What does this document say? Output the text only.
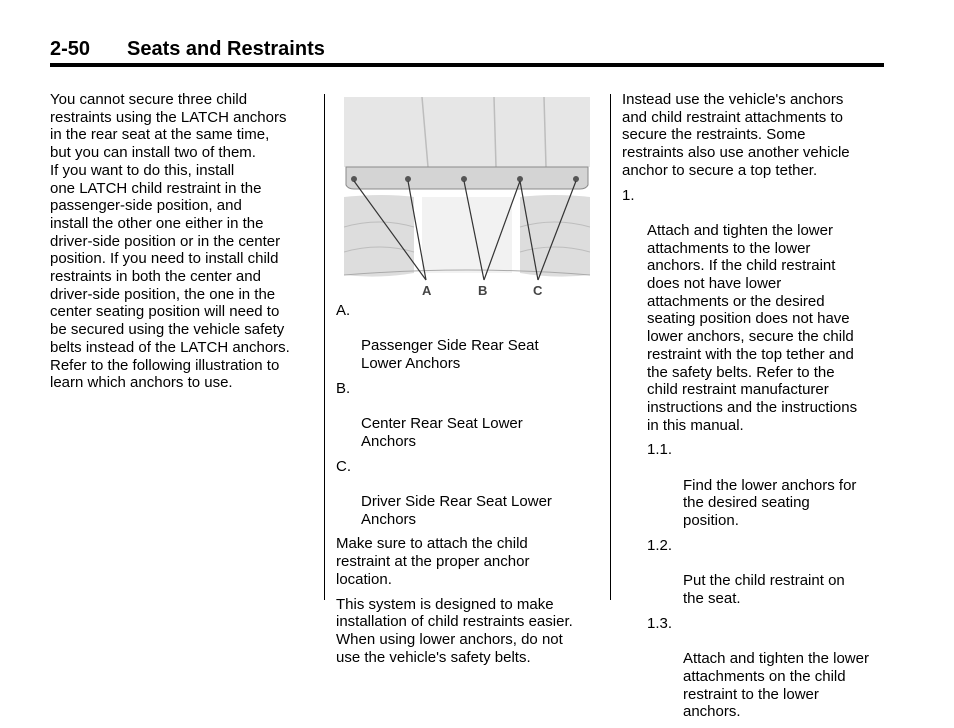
2-50 Seats and Restraints

You cannot secure three child
restraints using the LATCH anchors
in the rear seat at the same time,
but you can install two of them.
If you want to do this, install
one LATCH child restraint in the
passenger-side position, and
install the other one either in the
driver-side position or in the center
position. If you need to install child
restraints in both the center and
driver-side position, the one in the
center seating position will need to
be secured using the vehicle safety
belts instead of the LATCH anchors.
Refer to the following illustration to
learn which anchors to use.

A	B	C

A.

Passenger Side Rear Seat
Lower Anchors

B.

Center Rear Seat Lower
Anchors

C.

Driver Side Rear Seat Lower
Anchors

Make sure to attach the child
restraint at the proper anchor
location.

This system is designed to make
installation of child restraints easier.
When using lower anchors, do not
use the vehicle's safety belts.

Instead use the vehicle's anchors
and child restraint attachments to
secure the restraints. Some
restraints also use another vehicle
anchor to secure a top tether.

1.

Attach and tighten the lower
attachments to the lower
anchors. If the child restraint
does not have lower
attachments or the desired
seating position does not have
lower anchors, secure the child
restraint with the top tether and
the safety belts. Refer to the
child restraint manufacturer
instructions and the instructions
in this manual.

1.1.

Find the lower anchors for
the desired seating
position.

1.2.

Put the child restraint on
the seat.

1.3.

Attach and tighten the lower
attachments on the child
restraint to the lower
anchors.
